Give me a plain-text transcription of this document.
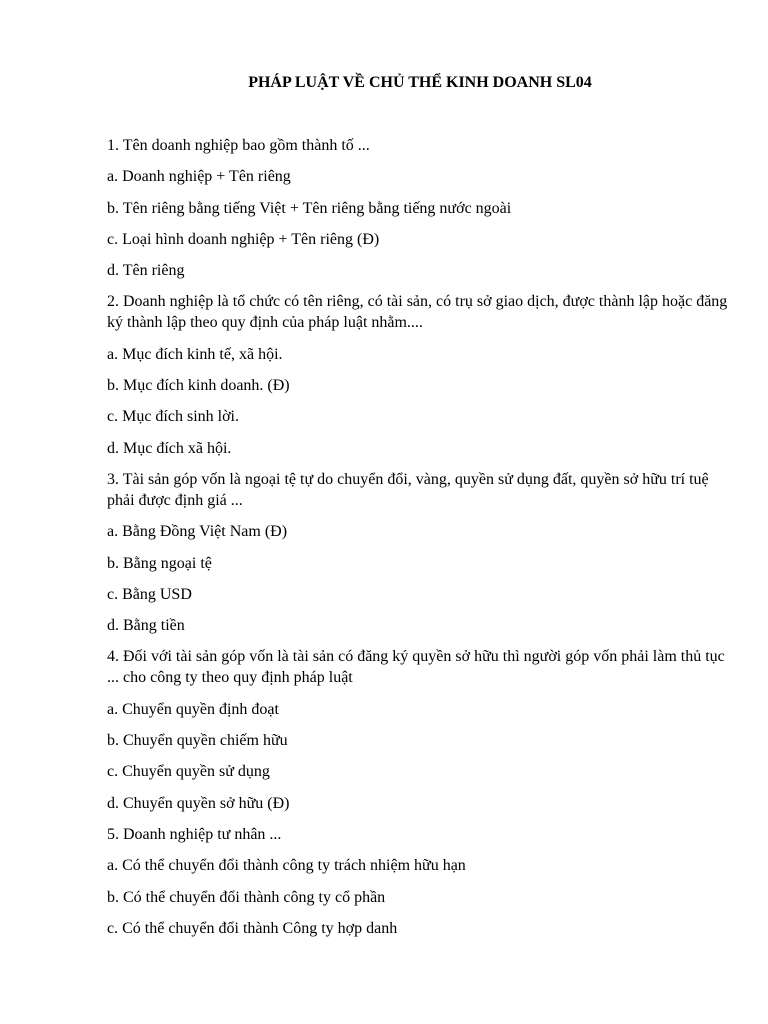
PHÁP LUẬT VỀ CHỦ THỂ KINH DOANH SL04
1. Tên doanh nghiệp bao gồm thành tố ...
a. Doanh nghiệp + Tên riêng
b. Tên riêng bằng tiếng Việt + Tên riêng bằng tiếng nước ngoài
c. Loại hình doanh nghiệp + Tên riêng (Đ)
d. Tên riêng
2. Doanh nghiệp là tổ chức có tên riêng, có tài sản, có trụ sở giao dịch, được thành lập hoặc đăng ký thành lập theo quy định của pháp luật nhằm....
a. Mục đích kinh tế, xã hội.
b. Mục đích kinh doanh. (Đ)
c. Mục đích sinh lời.
d. Mục đích xã hội.
3. Tài sản góp vốn là ngoại tệ tự do chuyển đổi, vàng, quyền sử dụng đất, quyền sở hữu trí tuệ phải được định giá ...
a. Bằng Đồng Việt Nam (Đ)
b. Bằng ngoại tệ
c. Bằng USD
d. Bằng tiền
4. Đối với tài sản góp vốn là tài sản có đăng ký quyền sở hữu thì người góp vốn phải làm thủ tục ... cho công ty theo quy định pháp luật
a. Chuyển quyền định đoạt
b. Chuyển quyền chiếm hữu
c. Chuyển quyền sử dụng
d. Chuyển quyền sở hữu (Đ)
5. Doanh nghiệp tư nhân ...
a. Có thể chuyển đổi thành công ty trách nhiệm hữu hạn
b. Có thể chuyển đổi thành công ty cổ phần
c. Có thể chuyển đổi thành Công ty hợp danh
